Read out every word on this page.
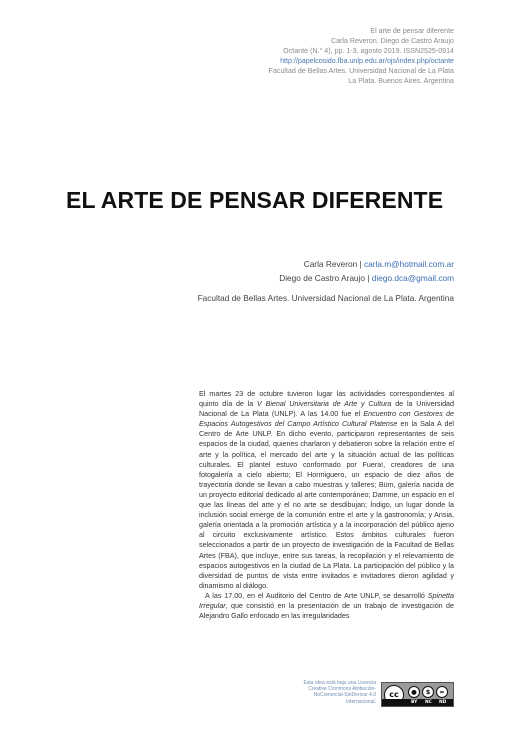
El arte de pensar diferente
Carla Reveron, Diego de Castro Araujo
Octante (N.° 4), pp. 1-3, agosto 2019. ISSN2525-0914
http://papelcosido.fba.unlp.edu.ar/ojs/index.php/octante
Facultad de Bellas Artes. Universidad Nacional de La Plata
La Plata. Buenos Aires. Argentina
EL ARTE DE PENSAR DIFERENTE
Carla Reveron | carla.m@hotmail.com.ar
Diego de Castro Araujo | diego.dca@gmail.com
Facultad de Bellas Artes. Universidad Nacional de La Plata. Argentina

El martes 23 de octubre tuvieron lugar las actividades correspondientes al quinto día de la V Bienal Universitaria de Arte y Cultura de la Universidad Nacional de La Plata (UNLP). A las 14.00 fue el Encuentro con Gestores de Espacios Autogestivos del Campo Artístico Cultural Platense en la Sala A del Centro de Arte UNLP. En dicho evento, participaron representantes de seis espacios de la ciudad, quienes charlaron y debatieron sobre la relación entre el arte y la política, el mercado del arte y la situación actual de las políticas culturales. El plantel estuvo conformado por Fuera!, creadores de una fotogalería a cielo abierto; El Hormiguero, un espacio de diez años de trayectoria donde se llevan a cabo muestras y talleres; Büm, galería nacida de un proyecto editorial dedicado al arte contemporáneo; Damme, un espacio en el que las líneas del arte y el no arte se desdibujan; Índigo, un lugar donde la inclusión social emerge de la comunión entre el arte y la gastronomía; y Ansia, galería orientada a la promoción artística y a la incorporación del público ajeno al circuito exclusivamente artístico. Estos ámbitos culturales fueron seleccionados a partir de un proyecto de investigación de la Facultad de Bellas Artes (FBA), que incluye, entre sus tareas, la recopilación y el relevamiento de espacios autogestivos en la ciudad de La Plata. La participación del público y la diversidad de puntos de vista entre invitados e invitadores dieron agilidad y dinamismo al diálogo.

A las 17.00, en el Auditorio del Centro de Arte UNLP, se desarrolló Spinetta Irregular, que consistió en la presentación de un trabajo de investigación de Alejandro Gallo enfocado en las irregularidades

Esta obra está bajo una Licencia Creative Commons Atribución-NoComercial-SinDerivar 4.0 Internacional.
cc	●	$	=
BY NC ND
